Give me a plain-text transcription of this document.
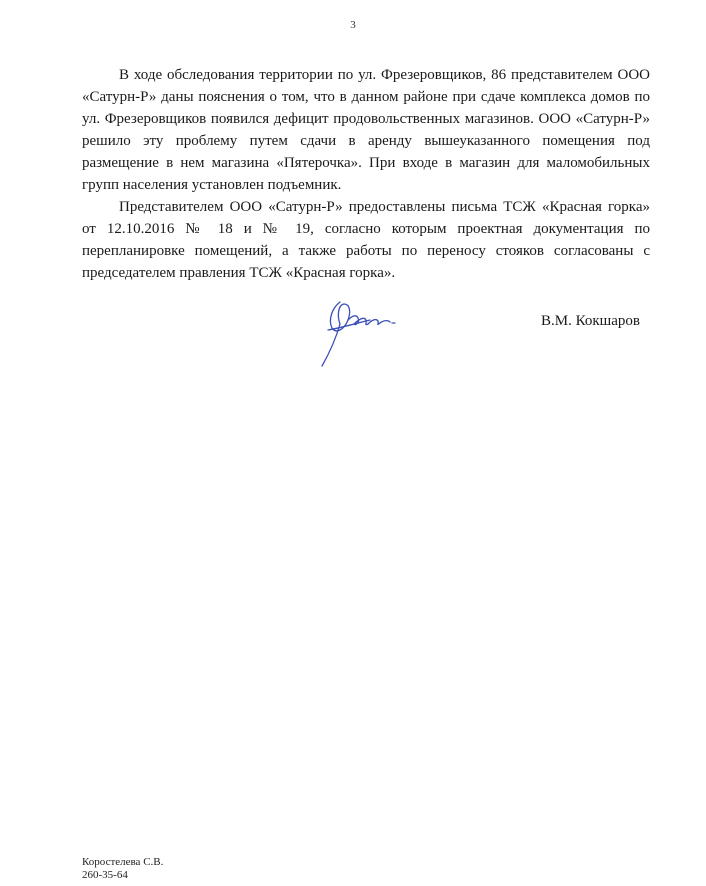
3

В ходе обследования территории по ул. Фрезеровщиков, 86 представителем ООО «Сатурн-Р» даны пояснения о том, что в данном районе при сдаче комплекса домов по ул. Фрезеровщиков появился дефицит продовольственных магазинов. ООО «Сатурн-Р» решило эту проблему путем сдачи в аренду вышеуказанного помещения под размещение в нем магазина «Пятерочка». При входе в магазин для маломобильных групп населения установлен подъемник.

Представителем ООО «Сатурн-Р» предоставлены письма ТСЖ «Красная горка» от 12.10.2016 № 18 и № 19, согласно которым проектная документация по перепланировке помещений, а также работы по переносу стояков согласованы с председателем правления ТСЖ «Красная горка».

В.М. Кокшаров
Коростелева С.В.
260-35-64
